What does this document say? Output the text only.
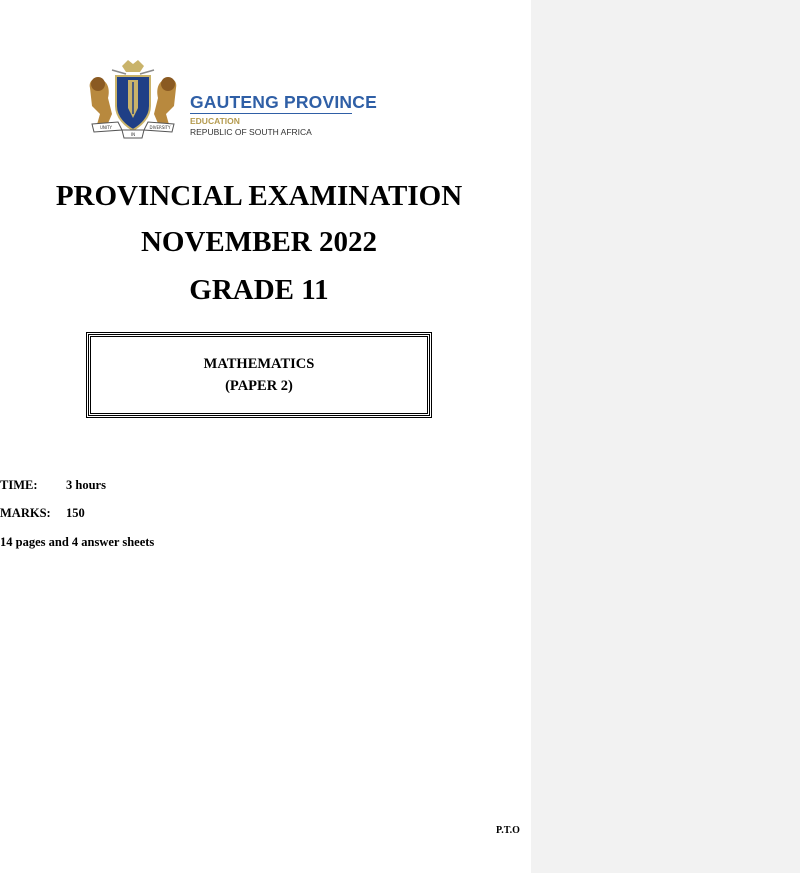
UNITY	DIVERSITY
IN
GAUTENG PROVINCE
EDUCATION
REPUBLIC OF SOUTH AFRICA
PROVINCIAL EXAMINATION
NOVEMBER 2022
GRADE 11
MATHEMATICS
(PAPER 2)
TIME: 3 hours
MARKS: 150
14 pages and 4 answer sheets
P.T.O
